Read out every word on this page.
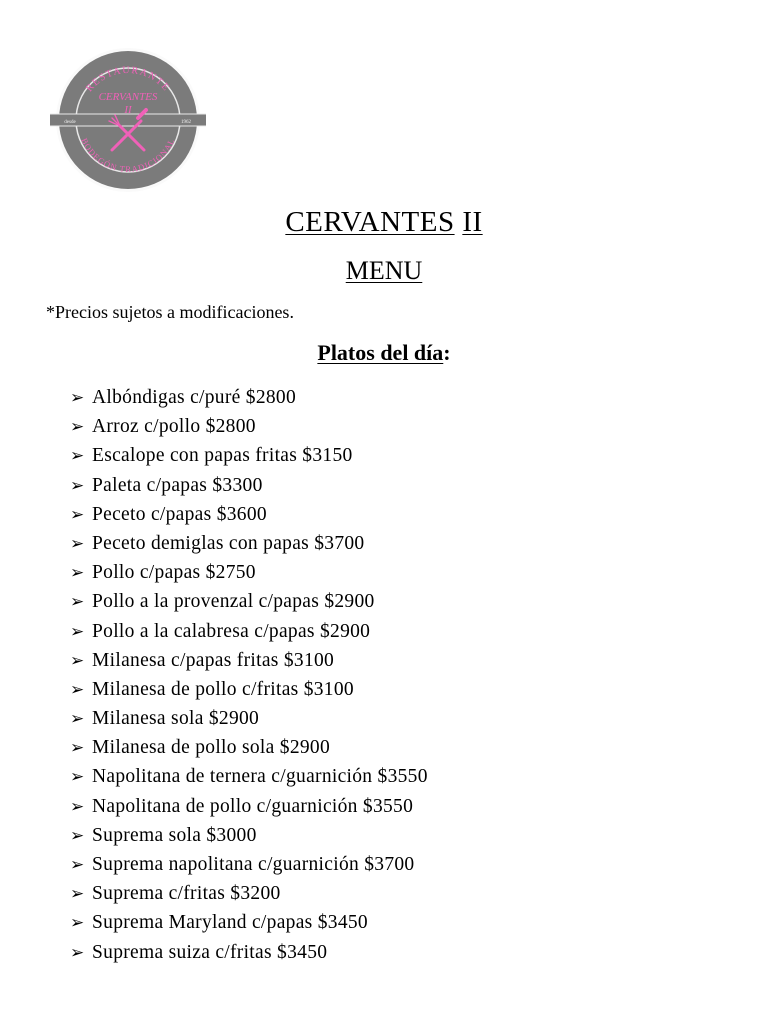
RESTAURANTE
BODEGÓN TRADICIONAL
CERVANTES
II
desde	1962
CERVANTES II
MENU
*Precios sujetos a modificaciones.
Platos del día:
➢ Albóndigas c/puré $2800
➢ Arroz c/pollo $2800
➢ Escalope con papas fritas $3150
➢ Paleta c/papas $3300
➢ Peceto c/papas $3600
➢ Peceto demiglas con papas $3700
➢ Pollo c/papas $2750
➢ Pollo a la provenzal c/papas $2900
➢ Pollo a la calabresa c/papas $2900
➢ Milanesa c/papas fritas $3100
➢ Milanesa de pollo c/fritas $3100
➢ Milanesa sola $2900
➢ Milanesa de pollo sola $2900
➢ Napolitana de ternera c/guarnición $3550
➢ Napolitana de pollo c/guarnición $3550
➢ Suprema sola $3000
➢ Suprema napolitana c/guarnición $3700
➢ Suprema c/fritas $3200
➢ Suprema Maryland c/papas $3450
➢ Suprema suiza c/fritas $3450
